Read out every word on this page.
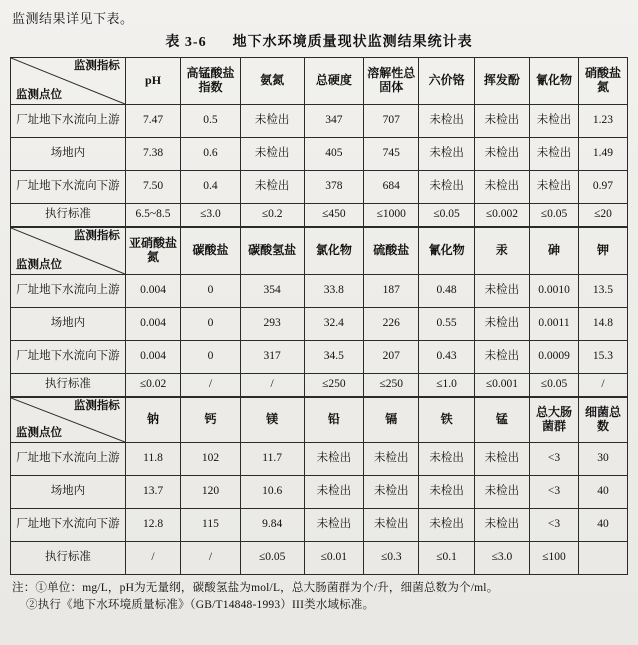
监测结果详见下表。
表 3-6 地下水环境质量现状监测结果统计表
监测指标
监测点位	pH	高锰酸盐指数	氨氮	总硬度	溶解性总固体	六价铬	挥发酚	氰化物	硝酸盐氮
厂址地下水流向上游	7.47	0.5	未检出	347	707	未检出	未检出	未检出	1.23
场地内	7.38	0.6	未检出	405	745	未检出	未检出	未检出	1.49
厂址地下水流向下游	7.50	0.4	未检出	378	684	未检出	未检出	未检出	0.97
执行标准	6.5~8.5	≤3.0	≤0.2	≤450	≤1000	≤0.05	≤0.002	≤0.05	≤20
监测指标
监测点位	亚硝酸盐氮	碳酸盐	碳酸氢盐	氯化物	硫酸盐	氰化物	汞	砷	钾
厂址地下水流向上游	0.004	0	354	33.8	187	0.48	未检出	0.0010	13.5
场地内	0.004	0	293	32.4	226	0.55	未检出	0.0011	14.8
厂址地下水流向下游	0.004	0	317	34.5	207	0.43	未检出	0.0009	15.3
执行标准	≤0.02	/	/	≤250	≤250	≤1.0	≤0.001	≤0.05	/
监测指标
监测点位	钠	钙	镁	铅	镉	铁	锰	总大肠菌群	细菌总数
厂址地下水流向上游	11.8	102	11.7	未检出	未检出	未检出	未检出	<3	30
场地内	13.7	120	10.6	未检出	未检出	未检出	未检出	<3	40
厂址地下水流向下游	12.8	115	9.84	未检出	未检出	未检出	未检出	<3	40
执行标准	/	/	≤0.05	≤0.01	≤0.3	≤0.1	≤3.0	≤100	
注：①单位：mg/L，pH为无量纲，碳酸氢盐为mol/L，总大肠菌群为个/升，细菌总数为个/ml。
②执行《地下水环境质量标准》（GB/T14848-1993）III类水域标准。
